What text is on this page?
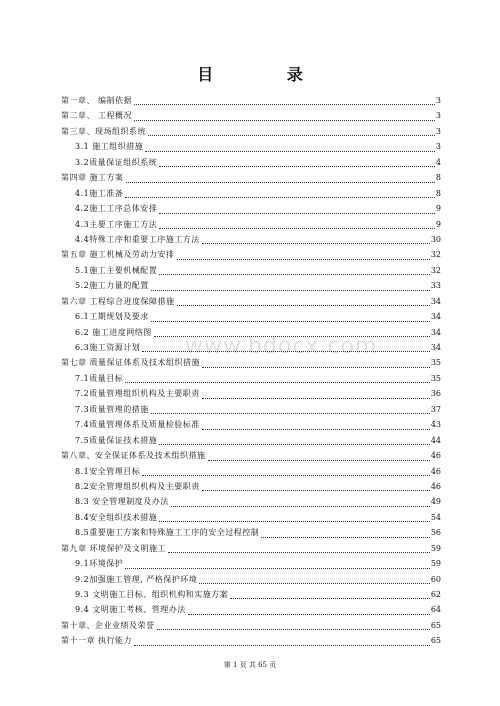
目 录
www.bdocx.com
第一章、 编制依据	3
第二章、 工程概况	3
第三章、现场组织系统	3
3.1 施工组织措施	3
3.2质量保证组织系统	4
第四章 施工方案	8
4.1施工准备	8
4.2施工工序总体安排	9
4.3主要工序施工方法	9
4.4特殊工序和重要工序施工方法	30
第五章 施工机械及劳动力安排	32
5.1施工主要机械配置	32
5.2施工力量的配置	33
第六章 工程综合进度保障措施	34
6.1工期规划及要求	34
6.2 施工进度网络图	34
6.3施工资源计划	34
第七章 质量保证体系及技术组织措施	35
7.1质量目标	35
7.2质量管理组织机构及主要职责	36
7.3质量管理的措施	37
7.4质量管理体系及质量检验标准	43
7.5质量保证技术措施	44
第八章、安全保证体系及技术组织措施	46
8.1安全管理目标	46
8.2安全管理组织机构及主要职责	46
8.3 安全管理制度及办法	49
8.4安全组织技术措施	54
8.5重要施工方案和特殊施工工序的安全过程控制	56
第九章 环境保护及文明施工	59
9.1环境保护	59
9.2加强施工管理, 严格保护环境	60
9.3 文明施工目标、组织机构和实施方案	62
9.4 文明施工考核、管理办法	64
第十章、企业业绩及荣誉	65
第十一章 执行能力	65
第 1 页 共 65 页
